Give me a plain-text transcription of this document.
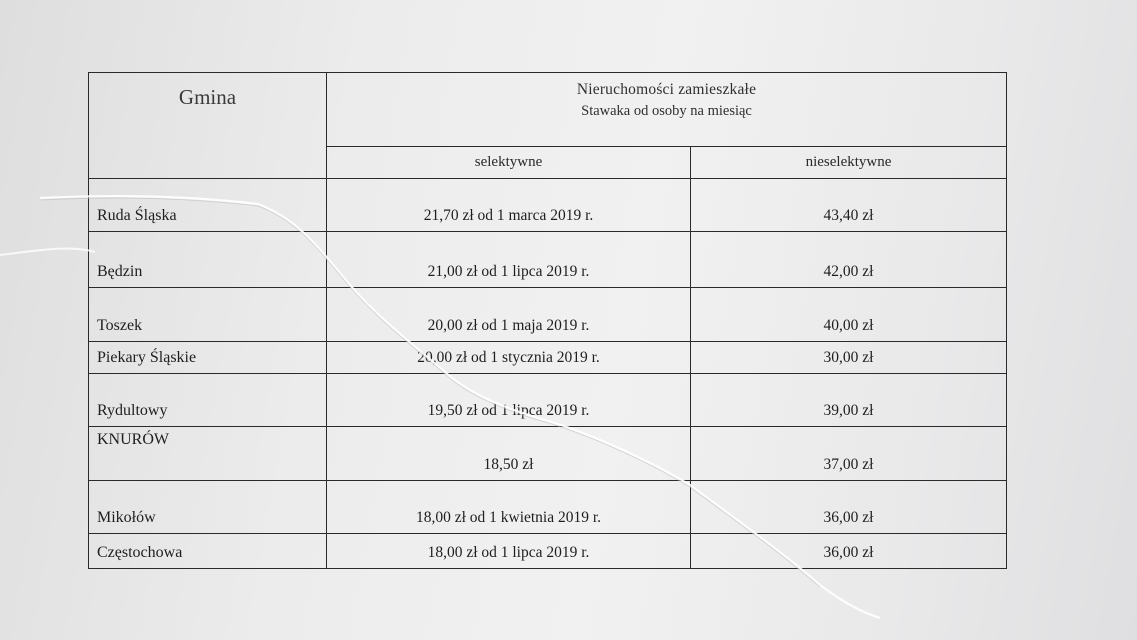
Gmina	Nieruchomości zamieszkałe
Stawaka od osoby na miesiąc	

	selektywne	nieselektywne
Ruda Śląska	21,70 zł od 1 marca 2019 r.	43,40 zł
Będzin	21,00 zł od 1 lipca 2019 r.	42,00 zł
Toszek	20,00 zł od 1 maja 2019 r.	40,00 zł
Piekary Śląskie	20,00 zł od 1 stycznia 2019 r.	30,00 zł
Rydultowy	19,50 zł od 1 lipca 2019 r.	39,00 zł
KNURÓW	18,50 zł	37,00 zł
Mikołów	18,00 zł od 1 kwietnia 2019 r.	36,00 zł
Częstochowa	18,00 zł od 1 lipca 2019 r.	36,00 zł
